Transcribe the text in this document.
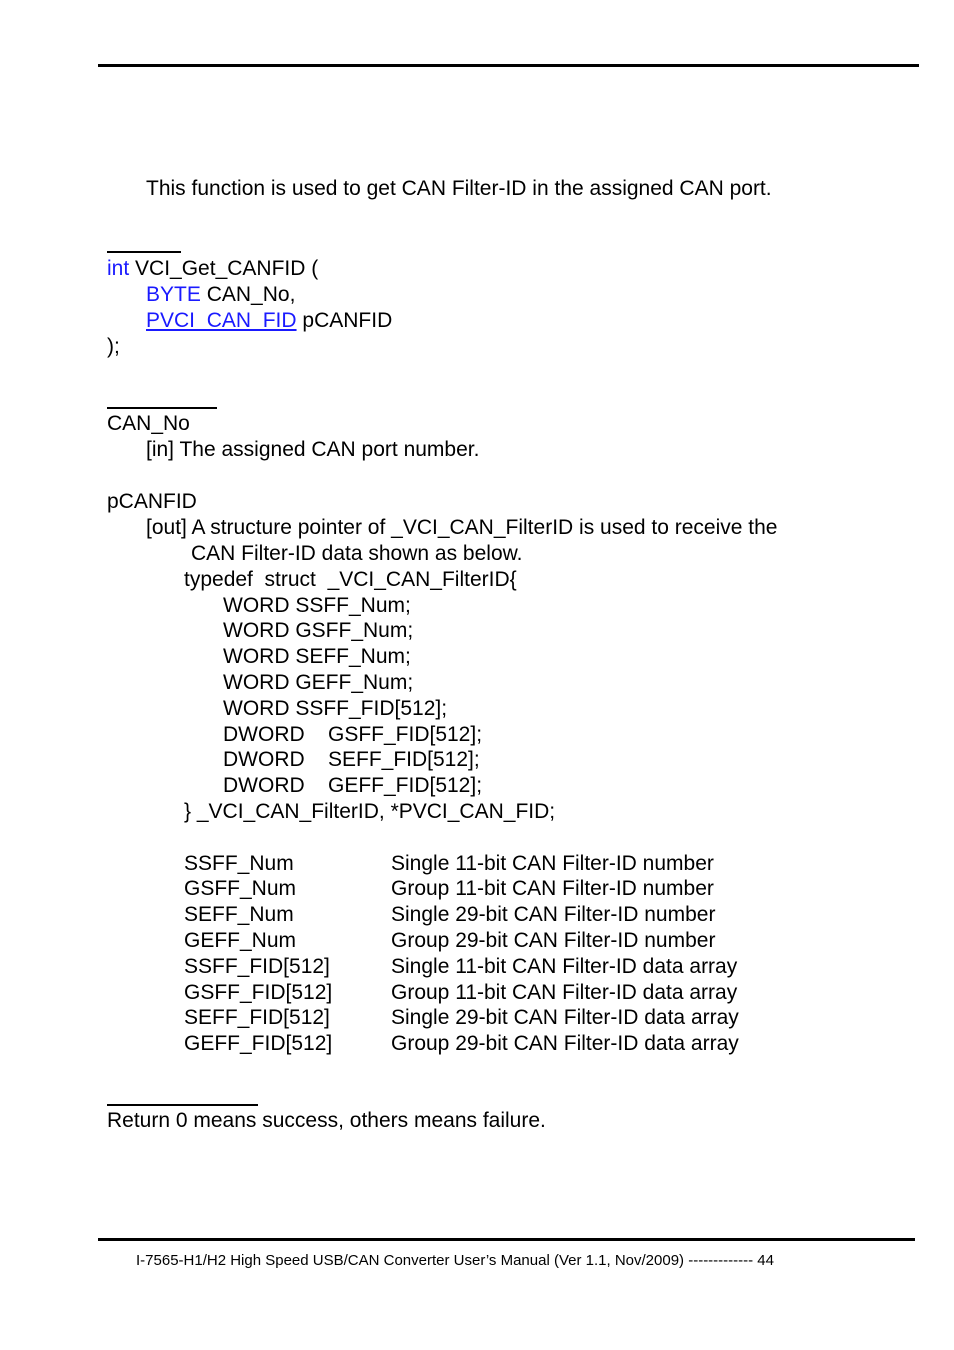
This function is used to get CAN Filter-ID in the assigned CAN port.
int VCI_Get_CANFID (
BYTE CAN_No,
PVCI_CAN_FID pCANFID
);
CAN_No
[in] The assigned CAN port number.
pCANFID
[out] A structure pointer of _VCI_CAN_FilterID is used to receive the
CAN Filter-ID data shown as below.
typedef  struct  _VCI_CAN_FilterID{
WORD SSFF_Num;
WORD GSFF_Num;
WORD SEFF_Num;
WORD GEFF_Num;
WORD SSFF_FID[512];
DWORD    GSFF_FID[512];
DWORD    SEFF_FID[512];
DWORD    GEFF_FID[512];
} _VCI_CAN_FilterID, *PVCI_CAN_FID;
SSFF_Num	Single 11-bit CAN Filter-ID number
GSFF_Num	Group 11-bit CAN Filter-ID number
SEFF_Num	Single 29-bit CAN Filter-ID number
GEFF_Num	Group 29-bit CAN Filter-ID number
SSFF_FID[512]	Single 11-bit CAN Filter-ID data array
GSFF_FID[512]	Group 11-bit CAN Filter-ID data array
SEFF_FID[512]	Single 29-bit CAN Filter-ID data array
GEFF_FID[512]	Group 29-bit CAN Filter-ID data array
Return 0 means success, others means failure.
I-7565-H1/H2 High Speed USB/CAN Converter User’s Manual (Ver 1.1, Nov/2009) ------------- 44
